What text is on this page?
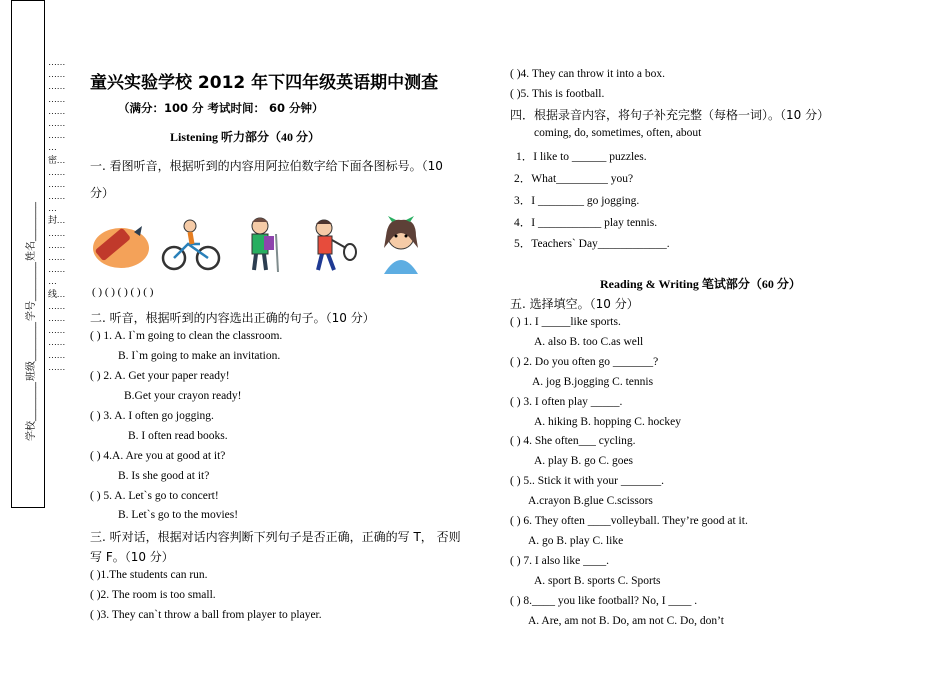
学校_______
班级_______
学号_______
姓名_______
……
……
……
……
……
……
……
…
密…
……
……
……
…
封…
……
……
……
……
…
线…
……
……
……
……
……
……
童兴实验学校 2012 年下四年级英语期中测查
（满分：100 分 考试时间： 60 分钟）
Listening 听力部分（40 分）
一. 看图听音，根据听到的内容用阿拉伯数字给下面各图标号。（10
分）
( ) ( ) ( ) ( ) ( )
二. 听音，根据听到的内容选出正确的句子。（10 分）
( ) 1. A. I`m going to clean the classroom.
B. I`m going to make an invitation.
( ) 2. A. Get your paper ready!
B.Get your crayon ready!
( ) 3. A. I often go jogging.
B. I often read books.
( ) 4.A. Are you at good at it?
B. Is she good at it?
( ) 5. A. Let`s go to concert!
B. Let`s go to the movies!
三. 听对话，根据对话内容判断下列句子是否正确，正确的写 T， 否则
写 F。（10 分）
( )1.The students can run.
( )2. The room is too small.
( )3. They can`t throw a ball from player to player.
( )4. They can throw it into a box.
( )5. This is football.
四．根据录音内容，将句子补充完整（每格一词）。（10 分）
coming, do, sometimes, often, about
1．I like to ______ puzzles.
2．What_________ you?
3．I ________ go jogging.
4．I ___________ play tennis.
5．Teachers` Day____________.
Reading & Writing 笔试部分（60 分）
五. 选择填空。（10 分）
( ) 1. I _____like sports.
A. also B. too C.as well
( ) 2. Do you often go _______?
A. jog B.jogging C. tennis
( ) 3. I often play _____.
A. hiking B. hopping C. hockey
( ) 4. She often___ cycling.
A. play B. go C. goes
( ) 5.. Stick it with your _______.
A.crayon B.glue C.scissors
( ) 6. They often ____volleyball. They’re good at it.
A. go B. play C. like
( ) 7. I also like ____.
A. sport B. sports C. Sports
( ) 8.____ you like football? No, I ____ .
A. Are, am not B. Do, am not C. Do, don’t
